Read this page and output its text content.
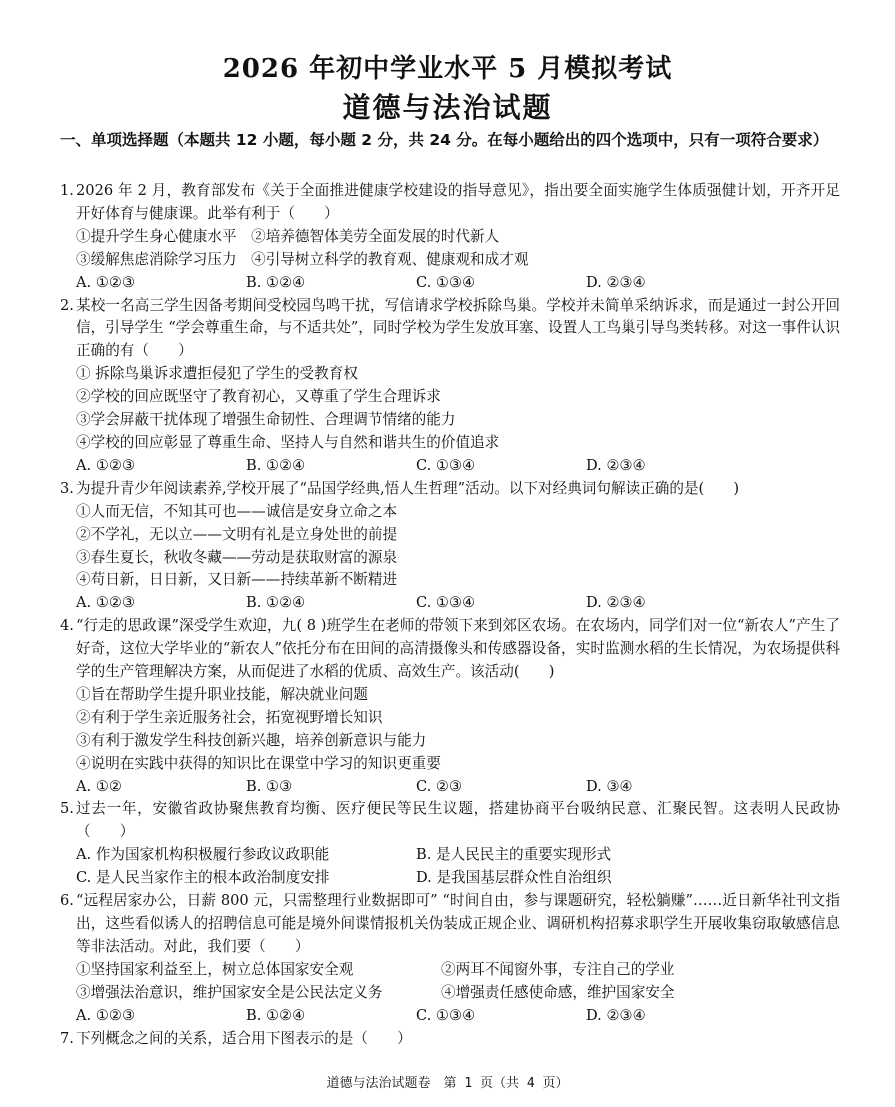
2026 年初中学业水平 5 月模拟考试
道德与法治试题
一、单项选择题（本题共 12 小题，每小题 2 分，共 24 分。在每小题给出的四个选项中，只有一项符合要求）
1. 2026 年 2 月，教育部发布《关于全面推进健康学校建设的指导意见》，指出要全面实施学生体质强健计划，开齐开足开好体育与健康课。此举有利于（　　）
①提升学生身心健康水平　②培养德智体美劳全面发展的时代新人
③缓解焦虑消除学习压力　④引导树立科学的教育观、健康观和成才观
A. ①②③	B. ①②④	C. ①③④	D. ②③④
2. 某校一名高三学生因备考期间受校园鸟鸣干扰，写信请求学校拆除鸟巢。学校并未简单采纳诉求，而是通过一封公开回信，引导学生 “学会尊重生命，与不适共处”，同时学校为学生发放耳塞、设置人工鸟巢引导鸟类转移。对这一事件认识正确的有（　　）
① 拆除鸟巢诉求遭拒侵犯了学生的受教育权
②学校的回应既坚守了教育初心，又尊重了学生合理诉求
③学会屏蔽干扰体现了增强生命韧性、合理调节情绪的能力
④学校的回应彰显了尊重生命、坚持人与自然和谐共生的价值追求
A. ①②③	B. ①②④	C. ①③④	D. ②③④
3. 为提升青少年阅读素养,学校开展了“品国学经典,悟人生哲理”活动。以下对经典词句解读正确的是(　　)
①人而无信，不知其可也——诚信是安身立命之本
②不学礼，无以立——文明有礼是立身处世的前提
③春生夏长，秋收冬藏——劳动是获取财富的源泉
④苟日新，日日新，又日新——持续革新不断精进
A. ①②③	B. ①②④	C. ①③④	D. ②③④
4. “行走的思政课”深受学生欢迎，九( 8 )班学生在老师的带领下来到郊区农场。在农场内，同学们对一位“新农人”产生了好奇，这位大学毕业的“新农人”依托分布在田间的高清摄像头和传感器设备，实时监测水稻的生长情况，为农场提供科学的生产管理解决方案，从而促进了水稻的优质、高效生产。该活动(　　)
①旨在帮助学生提升职业技能，解决就业问题
②有利于学生亲近服务社会，拓宽视野增长知识
③有利于激发学生科技创新兴趣，培养创新意识与能力
④说明在实践中获得的知识比在课堂中学习的知识更重要
A. ①②	B. ①③	C. ②③	D. ③④
5. 过去一年，安徽省政协聚焦教育均衡、医疗便民等民生议题，搭建协商平台吸纳民意、汇聚民智。这表明人民政协（　　）
A. 作为国家机构积极履行参政议政职能	B. 是人民民主的重要实现形式
C. 是人民当家作主的根本政治制度安排	D. 是我国基层群众性自治组织
6. “远程居家办公，日薪 800 元，只需整理行业数据即可” “时间自由，参与课题研究，轻松躺赚”……近日新华社刊文指出，这些看似诱人的招聘信息可能是境外间谍情报机关伪装成正规企业、调研机构招募求职学生开展收集窃取敏感信息等非法活动。对此，我们要（　　）
①坚持国家利益至上，树立总体国家安全观	②两耳不闻窗外事，专注自己的学业
③增强法治意识，维护国家安全是公民法定义务	④增强责任感使命感，维护国家安全
A. ①②③	B. ①②④	C. ①③④	D. ②③④
7. 下列概念之间的关系，适合用下图表示的是（　　）
道德与法治试题卷　第 1 页（共 4 页）
